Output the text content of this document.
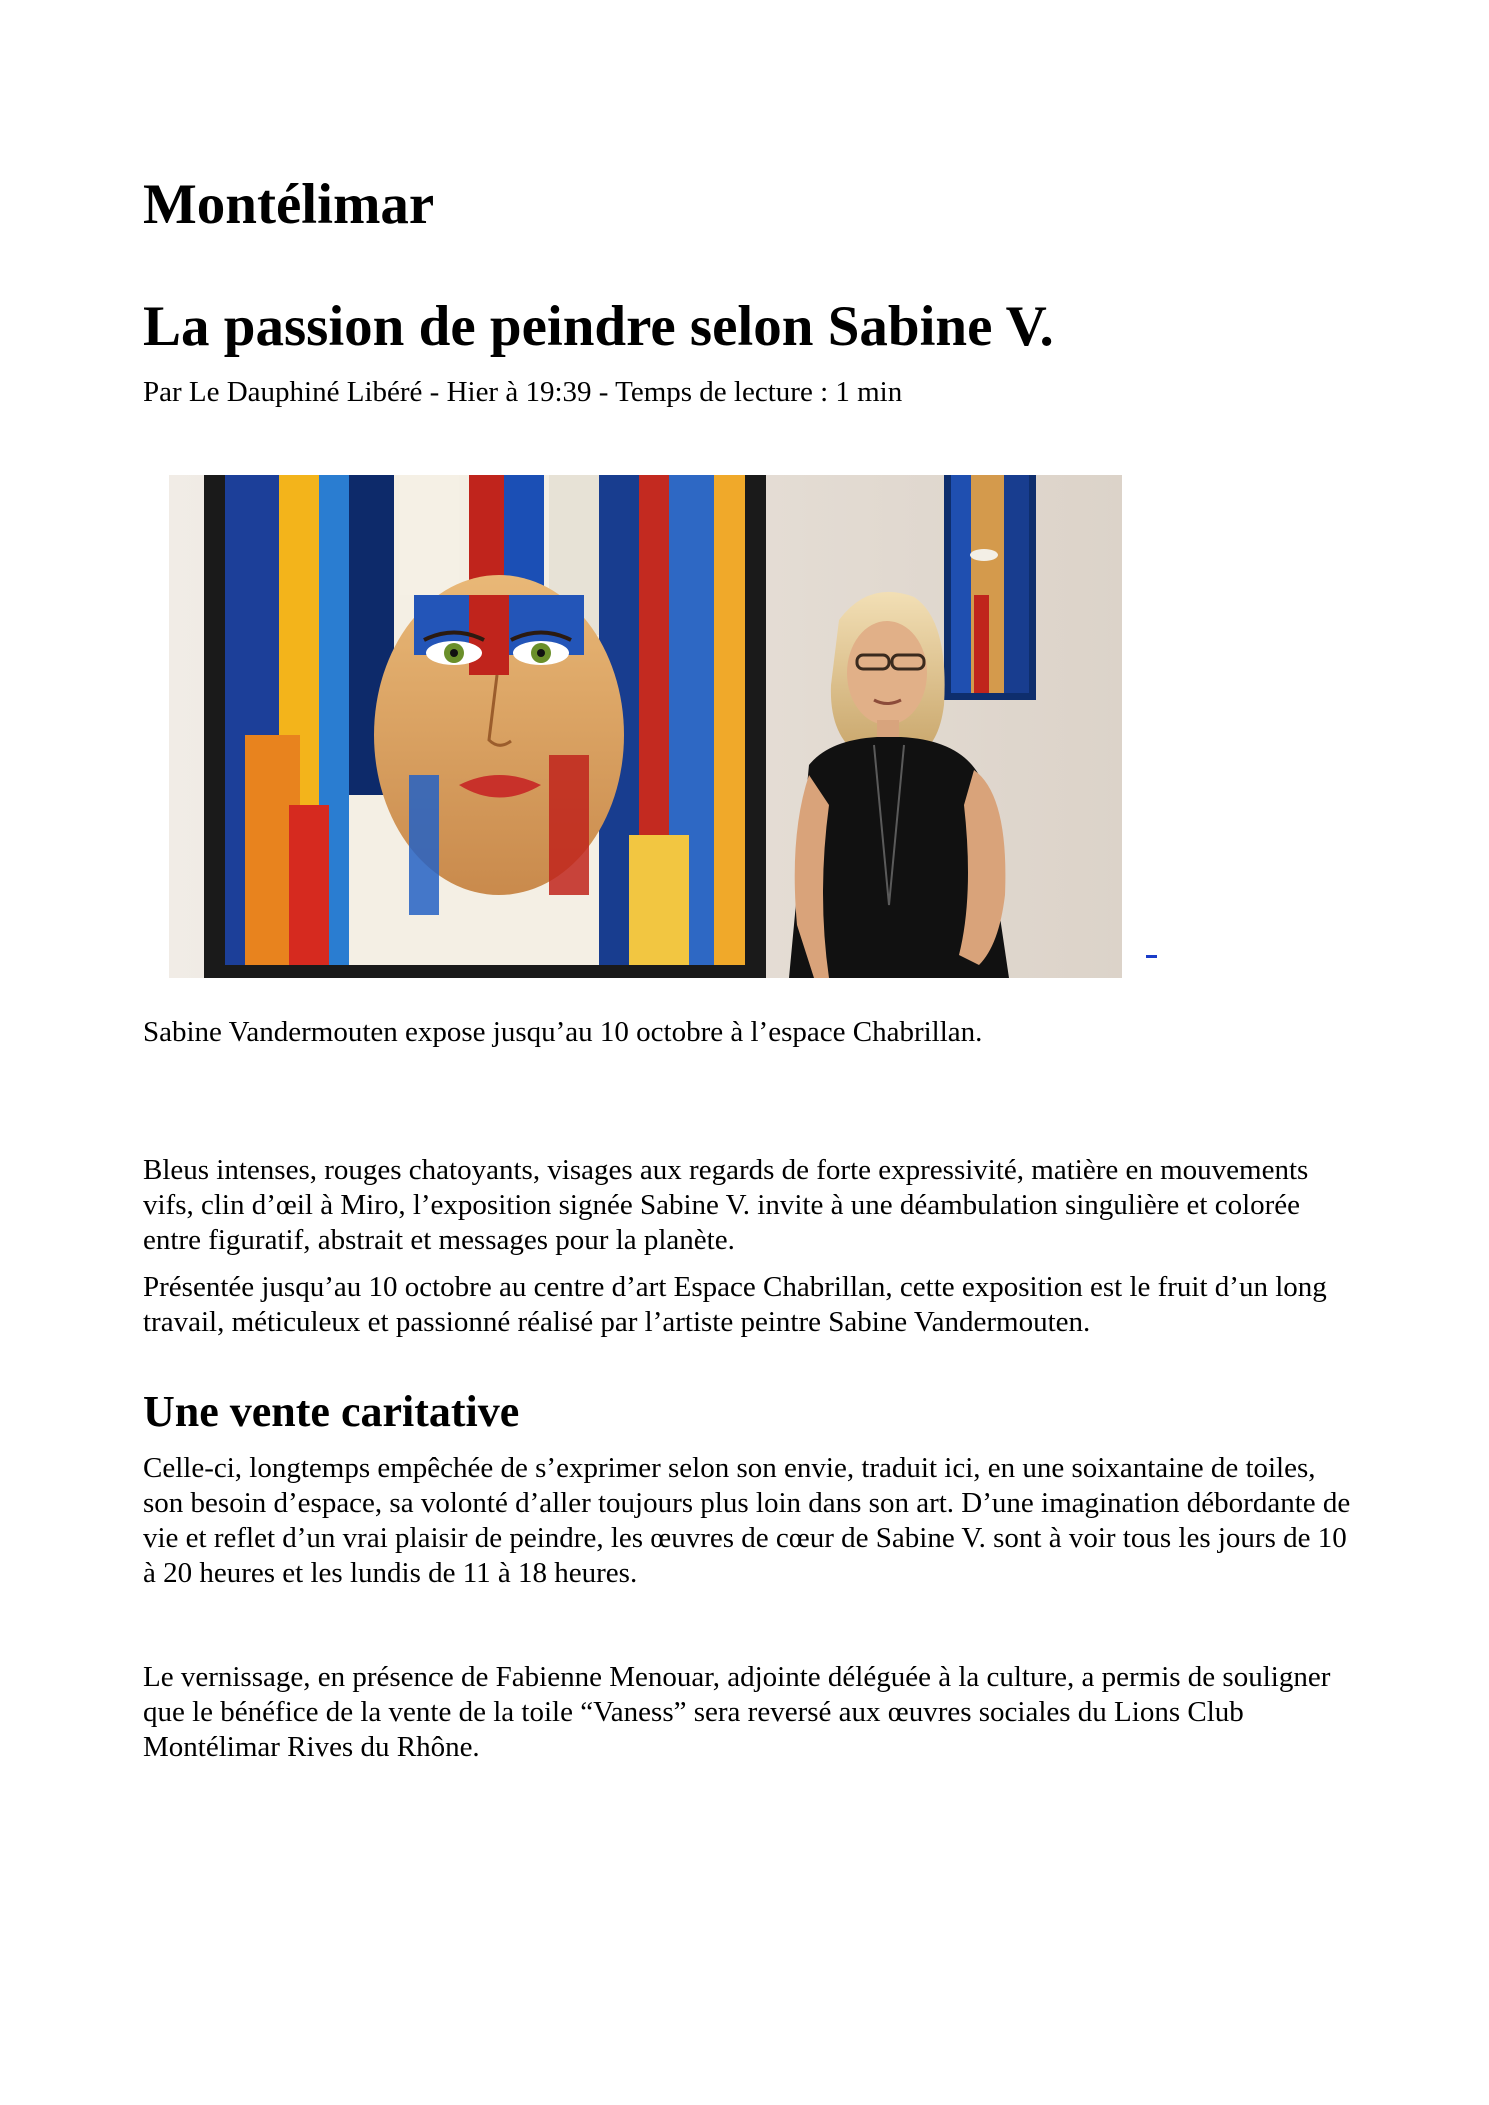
Montélimar
La passion de peindre selon Sabine V.

Par Le Dauphiné Libéré - Hier à 19:39 - Temps de lecture : 1 min

Sabine Vandermouten expose jusqu’au 10 octobre à l’espace Chabrillan.

Bleus intenses, rouges chatoyants, visages aux regards de forte expressivité, matière en mouvements vifs, clin d’œil à Miro, l’exposition signée Sabine V. invite à une déambulation singulière et colorée entre figuratif, abstrait et messages pour la planète.

Présentée jusqu’au 10 octobre au centre d’art Espace Chabrillan, cette exposition est le fruit d’un long travail, méticuleux et passionné réalisé par l’artiste peintre Sabine Vandermouten.

Une vente caritative

Celle-ci, longtemps empêchée de s’exprimer selon son envie, traduit ici, en une soixantaine de toiles, son besoin d’espace, sa volonté d’aller toujours plus loin dans son art. D’une imagination débordante de vie et reflet d’un vrai plaisir de peindre, les œuvres de cœur de Sabine V. sont à voir tous les jours de 10 à 20 heures et les lundis de 11 à 18 heures.

Le vernissage, en présence de Fabienne Menouar, adjointe déléguée à la culture, a permis de souligner que le bénéfice de la vente de la toile “Vaness” sera reversé aux œuvres sociales du Lions Club Montélimar Rives du Rhône.
